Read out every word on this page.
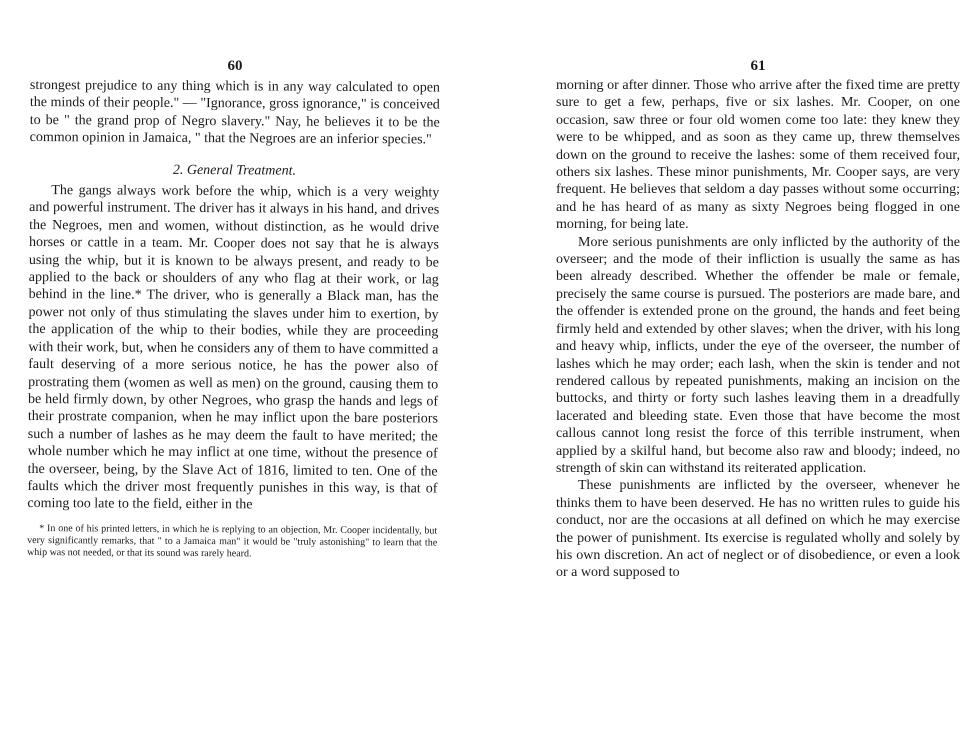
60

strongest prejudice to any thing which is in any way calculated to open the minds of their people." — "Ignorance, gross ignorance," is conceived to be " the grand prop of Negro slavery." Nay, he believes it to be the common opinion in Jamaica, " that the Negroes are an inferior species."

2. General Treatment.

The gangs always work before the whip, which is a very weighty and powerful instrument. The driver has it always in his hand, and drives the Negroes, men and women, without distinction, as he would drive horses or cattle in a team. Mr. Cooper does not say that he is always using the whip, but it is known to be always present, and ready to be applied to the back or shoulders of any who flag at their work, or lag behind in the line.* The driver, who is generally a Black man, has the power not only of thus stimulating the slaves under him to exertion, by the application of the whip to their bodies, while they are proceeding with their work, but, when he considers any of them to have committed a fault deserving of a more serious notice, he has the power also of prostrating them (women as well as men) on the ground, causing them to be held firmly down, by other Negroes, who grasp the hands and legs of their prostrate companion, when he may inflict upon the bare posteriors such a number of lashes as he may deem the fault to have merited; the whole number which he may inflict at one time, without the presence of the overseer, being, by the Slave Act of 1816, limited to ten. One of the faults which the driver most frequently punishes in this way, is that of coming too late to the field, either in the

* In one of his printed letters, in which he is replying to an objection, Mr. Cooper incidentally, but very significantly remarks, that " to a Jamaica man" it would be "truly astonishing" to learn that the whip was not needed, or that its sound was rarely heard.
61

morning or after dinner. Those who arrive after the fixed time are pretty sure to get a few, perhaps, five or six lashes. Mr. Cooper, on one occasion, saw three or four old women come too late: they knew they were to be whipped, and as soon as they came up, threw themselves down on the ground to receive the lashes: some of them received four, others six lashes. These minor punishments, Mr. Cooper says, are very frequent. He believes that seldom a day passes without some occurring; and he has heard of as many as sixty Negroes being flogged in one morning, for being late.

More serious punishments are only inflicted by the authority of the overseer; and the mode of their infliction is usually the same as has been already described. Whether the offender be male or female, precisely the same course is pursued. The posteriors are made bare, and the offender is extended prone on the ground, the hands and feet being firmly held and extended by other slaves; when the driver, with his long and heavy whip, inflicts, under the eye of the overseer, the number of lashes which he may order; each lash, when the skin is tender and not rendered callous by repeated punishments, making an incision on the buttocks, and thirty or forty such lashes leaving them in a dreadfully lacerated and bleeding state. Even those that have become the most callous cannot long resist the force of this terrible instrument, when applied by a skilful hand, but become also raw and bloody; indeed, no strength of skin can withstand its reiterated application.

These punishments are inflicted by the overseer, whenever he thinks them to have been deserved. He has no written rules to guide his conduct, nor are the occasions at all defined on which he may exercise the power of punishment. Its exercise is regulated wholly and solely by his own discretion. An act of neglect or of disobedience, or even a look or a word supposed to
